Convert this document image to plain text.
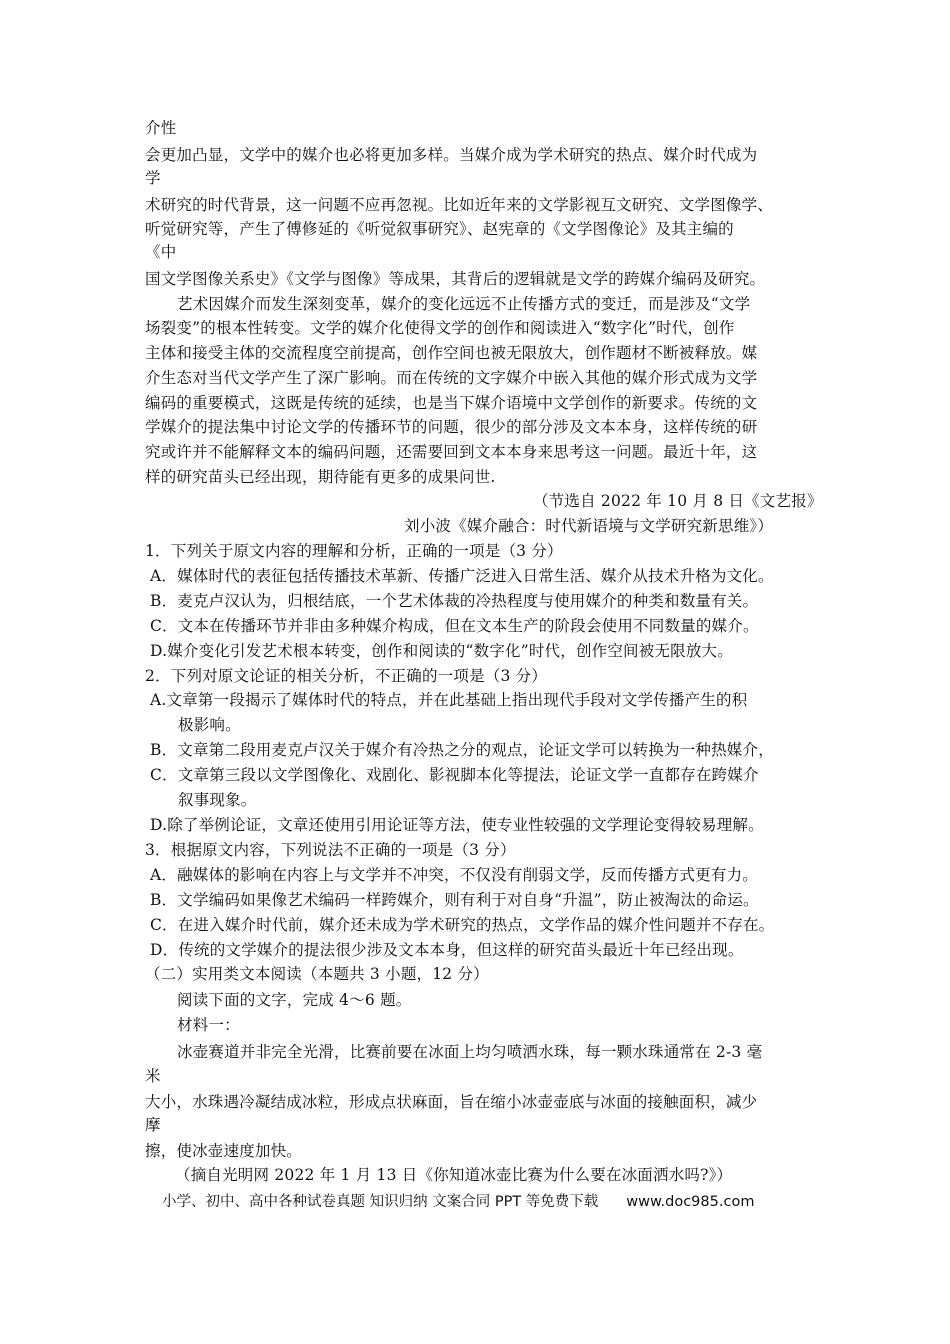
介性
会更加凸显，文学中的媒介也必将更加多样。当媒介成为学术研究的热点、媒介时代成为
学
术研究的时代背景，这一问题不应再忽视。比如近年来的文学影视互文研究、文学图像学、
听觉研究等，产生了傅修延的《听觉叙事研究》、赵宪章的《文学图像论》及其主编的
《中
国文学图像关系史》《文学与图像》等成果，其背后的逻辑就是文学的跨媒介编码及研究。
艺术因媒介而发生深刻变革，媒介的变化远远不止传播方式的变迁，而是涉及“文学
场裂变”的根本性转变。文学的媒介化使得文学的创作和阅读进入“数字化”时代，创作
主体和接受主体的交流程度空前提高，创作空间也被无限放大，创作题材不断被释放。媒
介生态对当代文学产生了深广影响。而在传统的文字媒介中嵌入其他的媒介形式成为文学
编码的重要模式，这既是传统的延续，也是当下媒介语境中文学创作的新要求。传统的文
学媒介的提法集中讨论文学的传播环节的问题，很少的部分涉及文本本身，这样传统的研
究或许并不能解释文本的编码问题，还需要回到文本本身来思考这一问题。最近十年，这
样的研究苗头已经出现，期待能有更多的成果问世.
（节选自 2022 年 10 月 8 日《文艺报》
刘小波《媒介融合：时代新语境与文学研究新思维》）
1．下列关于原文内容的理解和分析，正确的一项是（3 分）
A．媒体时代的表征包括传播技术革新、传播广泛进入日常生活、媒介从技术升格为文化。
B．麦克卢汉认为，归根结底，一个艺术体裁的冷热程度与使用媒介的种类和数量有关。
C．文本在传播环节并非由多种媒介构成，但在文本生产的阶段会使用不同数量的媒介。
D.媒介变化引发艺术根本转变，创作和阅读的“数字化”时代，创作空间被无限放大。
2．下列对原文论证的相关分析，不正确的一项是（3 分）
A.文章第一段揭示了媒体时代的特点，并在此基础上指出现代手段对文学传播产生的积
极影响。
B．文章第二段用麦克卢汉关于媒介有冷热之分的观点，论证文学可以转换为一种热媒介，
C．文章第三段以文学图像化、戏剧化、影视脚本化等提法，论证文学一直都存在跨媒介
叙事现象。
D.除了举例论证，文章还使用引用论证等方法，使专业性较强的文学理论变得较易理解。
3．根据原文内容，下列说法不正确的一项是（3 分）
A．融媒体的影响在内容上与文学并不冲突，不仅没有削弱文学，反而传播方式更有力。
B．文学编码如果像艺术编码一样跨媒介，则有利于对自身“升温”，防止被淘汰的命运。
C．在进入媒介时代前，媒介还未成为学术研究的热点，文学作品的媒介性问题并不存在。
D．传统的文学媒介的提法很少涉及文本本身，但这样的研究苗头最近十年已经出现。
（二）实用类文本阅读（本题共 3 小题，12 分）
阅读下面的文字，完成 4～6 题。
材料一：
冰壶赛道并非完全光滑，比赛前要在冰面上均匀喷洒水珠，每一颗水珠通常在 2-3 毫
米
大小，水珠遇冷凝结成冰粒，形成点状麻面，旨在缩小冰壶壶底与冰面的接触面积，减少
摩
擦，使冰壶速度加快。
（摘自光明网 2022 年 1 月 13 日《你知道冰壶比赛为什么要在冰面洒水吗?》）
小学、初中、高中各种试卷真题 知识归纳 文案合同 PPT 等免费下载 www.doc985.com
